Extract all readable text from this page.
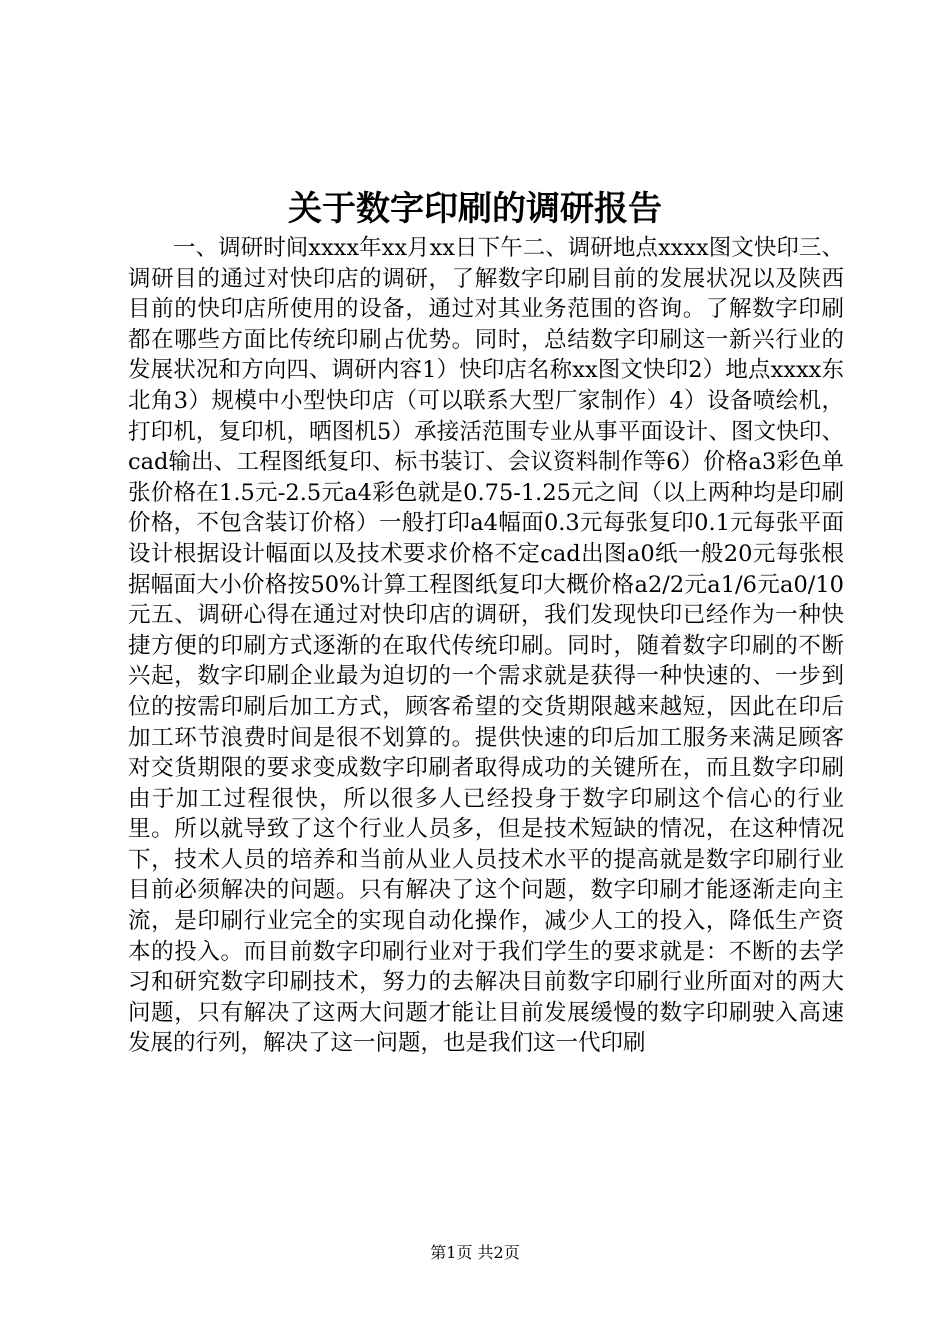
关于数字印刷的调研报告

一、调研时间xxxx年xx月xx日下午二、调研地点xxxx图文快印三、调研目的通过对快印店的调研，了解数字印刷目前的发展状况以及陕西目前的快印店所使用的设备，通过对其业务范围的咨询。了解数字印刷都在哪些方面比传统印刷占优势。同时，总结数字印刷这一新兴行业的发展状况和方向四、调研内容1）快印店名称xx图文快印2）地点xxxx东北角3）规模中小型快印店（可以联系大型厂家制作）4）设备喷绘机，打印机，复印机，晒图机5）承接活范围专业从事平面设计、图文快印、cad输出、工程图纸复印、标书装订、会议资料制作等6）价格a3彩色单张价格在1.5元-2.5元a4彩色就是0.75-1.25元之间（以上两种均是印刷价格，不包含装订价格）一般打印a4幅面0.3元每张复印0.1元每张平面设计根据设计幅面以及技术要求价格不定cad出图a0纸一般20元每张根据幅面大小价格按50%计算工程图纸复印大概价格a2/2元a1/6元a0/10元五、调研心得在通过对快印店的调研，我们发现快印已经作为一种快捷方便的印刷方式逐渐的在取代传统印刷。同时，随着数字印刷的不断兴起，数字印刷企业最为迫切的一个需求就是获得一种快速的、一步到位的按需印刷后加工方式，顾客希望的交货期限越来越短，因此在印后加工环节浪费时间是很不划算的。提供快速的印后加工服务来满足顾客对交货期限的要求变成数字印刷者取得成功的关键所在，而且数字印刷由于加工过程很快，所以很多人已经投身于数字印刷这个信心的行业里。所以就导致了这个行业人员多，但是技术短缺的情况，在这种情况下，技术人员的培养和当前从业人员技术水平的提高就是数字印刷行业目前必须解决的问题。只有解决了这个问题，数字印刷才能逐渐走向主流，是印刷行业完全的实现自动化操作，减少人工的投入，降低生产资本的投入。而目前数字印刷行业对于我们学生的要求就是：不断的去学习和研究数字印刷技术，努力的去解决目前数字印刷行业所面对的两大问题，只有解决了这两大问题才能让目前发展缓慢的数字印刷驶入高速发展的行列，解决了这一问题，也是我们这一代印刷

第1页 共2页
